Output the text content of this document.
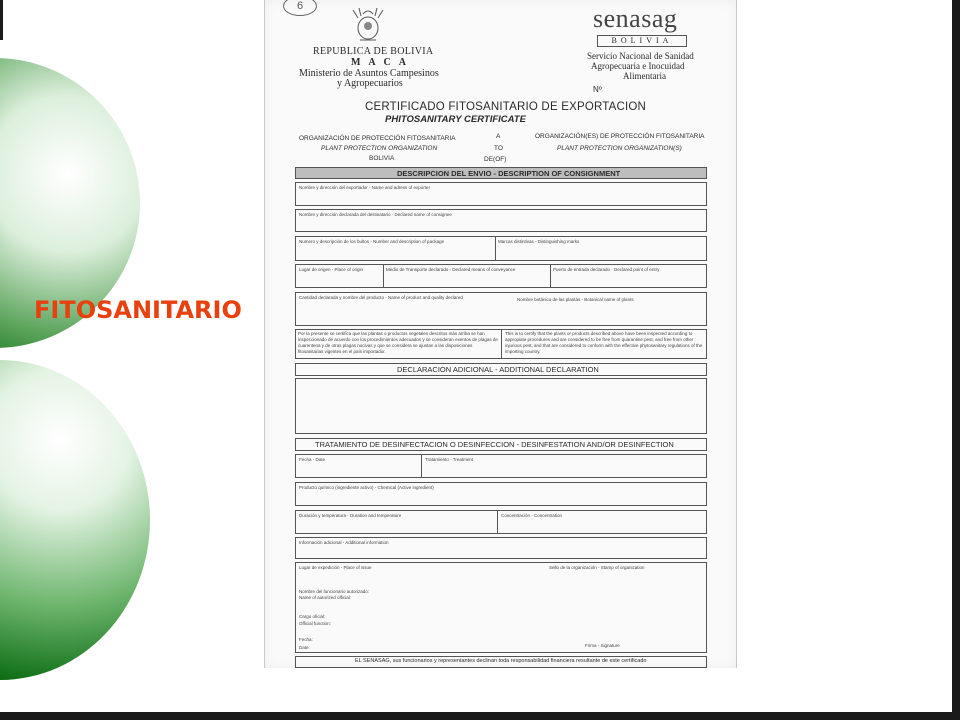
FITOSANITARIO
6
REPUBLICA DE BOLIVIA
M A C A
Ministerio de Asuntos Campesinos
y Agropecuarios
senasag
BOLIVIA
Servicio Nacional de Sanidad
Agropecuaria e Inocuidad
Alimentaria
Nº
CERTIFICADO FITOSANITARIO DE EXPORTACION
PHITOSANITARY CERTIFICATE
ORGANIZACIÓN DE PROTECCIÓN FITOSANITARIA
PLANT PROTECTION ORGANIZATION
BOLIVIA
A
TO
DE(OF)
ORGANIZACIÓN(ES) DE PROTECCIÓN FITOSANITARIA
PLANT PROTECTION ORGANIZATION(S)
DESCRIPCION DEL ENVIO - DESCRIPTION OF CONSIGNMENT
Nombre y dirección del exportador - Name and adress of exporter
Nombre y dirección declarada del destinatario - Declared name of consignee
Numero y descripción de los bultos - Number and description of package	Marcas distintivas - Distinguishing marks
Lugar de origen - Place of origin	Medio de Transporte declarado - Declared means of conveyance	Puerto de entrada declarado - Declared point of entry
Cantidad declarada y nombre del producto - Name of product and quality declared	Nombre botánico de las plantas - Botanical name of plants
Por la presente se certifica que las plantas o productos vegetales descritos más arriba se han inspeccionado de acuerdo con los procedimientos adecuados y se consideran exentos de plagas de cuarentena y de otras plagas nocivas y que se considera se ajustan a las disposiciones fitosanitarias vigentes en el país importador.
This is to certify that the plants or products described above have been inspected according to appropiate procedures and are considered to be free from quarantine pest, and free from other injurious pest, and that are considered to conform with the effective phytosanitary regulations of the importing country.
DECLARACION ADICIONAL - ADDITIONAL DECLARATION
TRATAMIENTO DE DESINFECTACION O DESINFECCION - DESINFESTATION AND/OR DESINFECTION
Fecha - Date	Tratamiento - Treatment
Producto químico (ingrediente activo) - Chemical (Active ingredient)
Duración y temperatura - Duration and temperature	Concentración - Concentration
Información adicional - Additional information
Lugar de expedición - Place of issue	Sello de la organización - Stamp of organization
Nombre del funcionario autorizado:
Name of autorized official:
Cargo oficial:
Official function:
Fecha:
Date:	Firma - Signature
EL SENASAG, sus funcionarios y representantes declinan toda responsabilidad financiera resultante de este certificado
